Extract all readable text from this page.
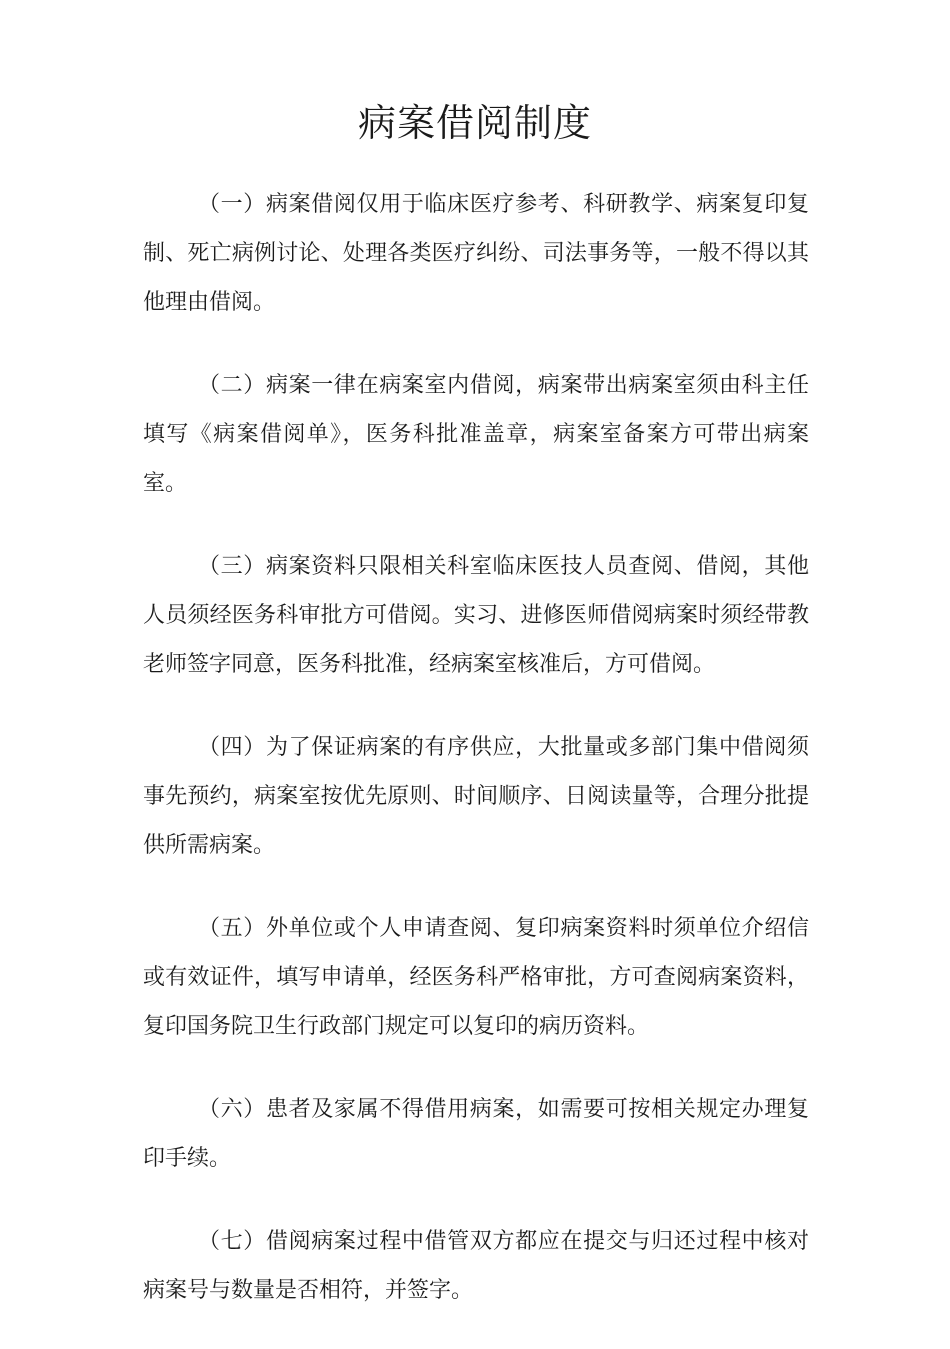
病案借阅制度

（一）病案借阅仅用于临床医疗参考、科研教学、病案复印复制、死亡病例讨论、处理各类医疗纠纷、司法事务等，一般不得以其他理由借阅。

（二）病案一律在病案室内借阅，病案带出病案室须由科主任填写《病案借阅单》，医务科批准盖章，病案室备案方可带出病案室。

（三）病案资料只限相关科室临床医技人员查阅、借阅，其他人员须经医务科审批方可借阅。实习、进修医师借阅病案时须经带教老师签字同意，医务科批准，经病案室核准后，方可借阅。

（四）为了保证病案的有序供应，大批量或多部门集中借阅须事先预约，病案室按优先原则、时间顺序、日阅读量等，合理分批提供所需病案。

（五）外单位或个人申请查阅、复印病案资料时须单位介绍信或有效证件，填写申请单，经医务科严格审批，方可查阅病案资料，复印国务院卫生行政部门规定可以复印的病历资料。

（六）患者及家属不得借用病案，如需要可按相关规定办理复印手续。

（七）借阅病案过程中借管双方都应在提交与归还过程中核对病案号与数量是否相符，并签字。
